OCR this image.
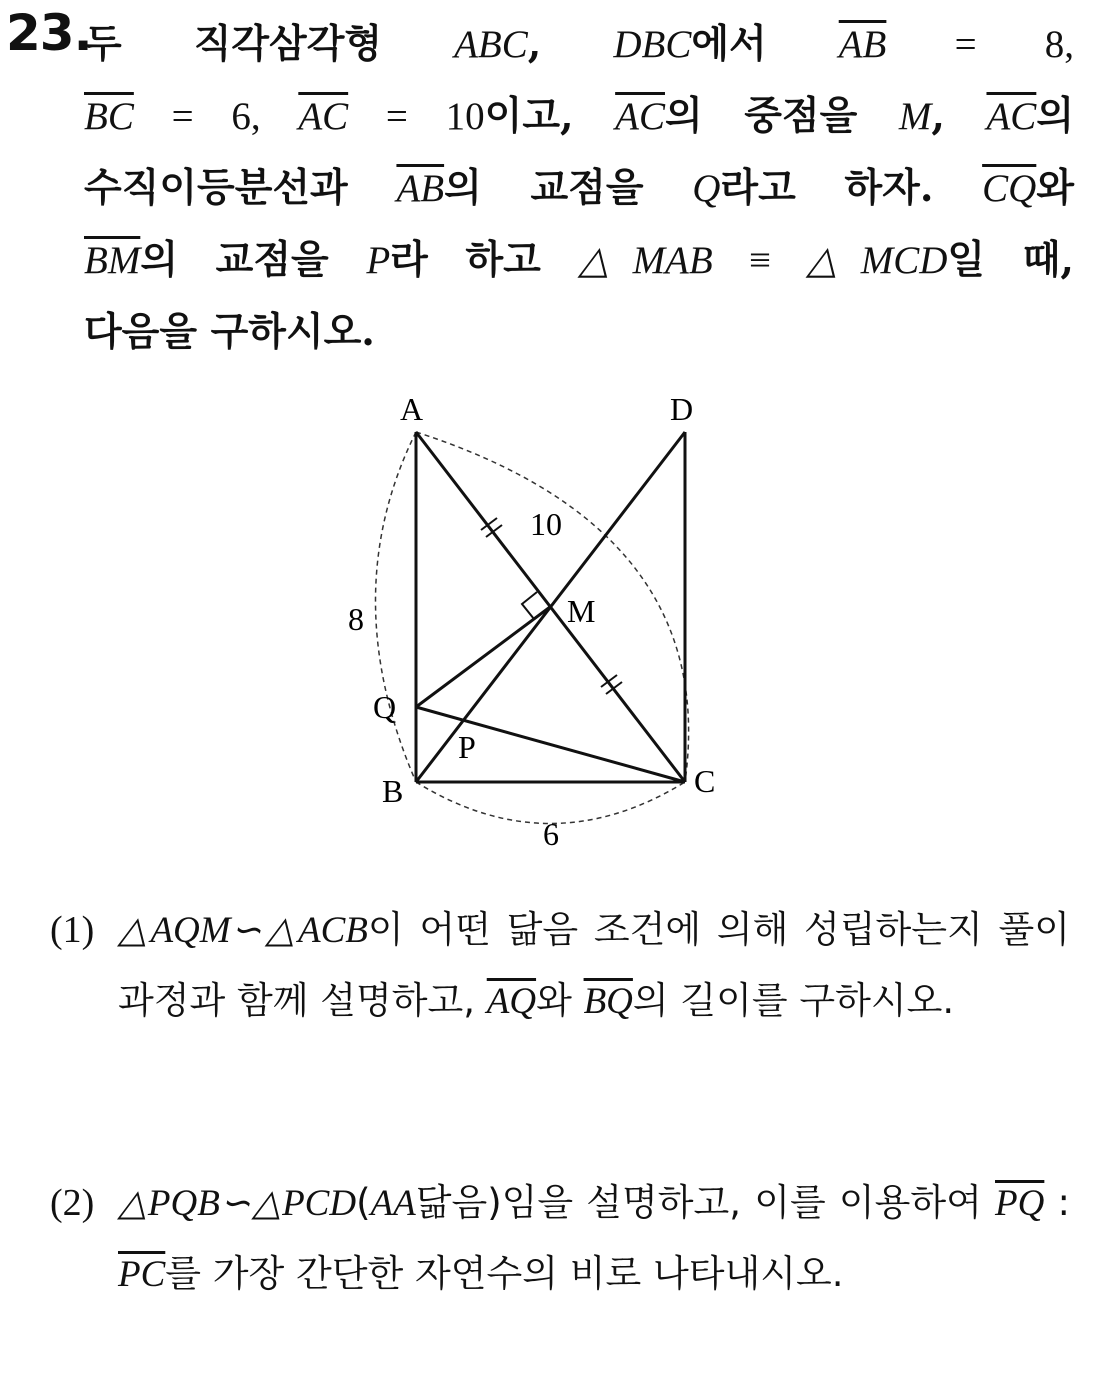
23.
두 직각삼각형 ABC, DBC에서 $\overline{AB} = 8$,
$\overline{BC} = 6$, $\overline{AC} = 10$이고, $\overline{AC}$의 중점을 M, $\overline{AC}$의
수직이등분선과 $\overline{AB}$의 교점을 Q라고 하자. $\overline{CQ}$와
$\overline{BM}$의 교점을 P라 하고 △MAB ≡ △MCD일 때,
다음을 구하시오.
A	D
M
Q
P
B	C
10
8
6
(1) △AQM∽△ACB이 어떤 닮음 조건에 의해 성립하는지 풀이 과정과 함께 설명하고, $\overline{AQ}$와 $\overline{BQ}$의 길이를 구하시오.
(2) △PQB∽△PCD(AA닮음)임을 설명하고, 이를 이용하여 $\overline{PQ}$ : $\overline{PC}$를 가장 간단한 자연수의 비로 나타내시오.
